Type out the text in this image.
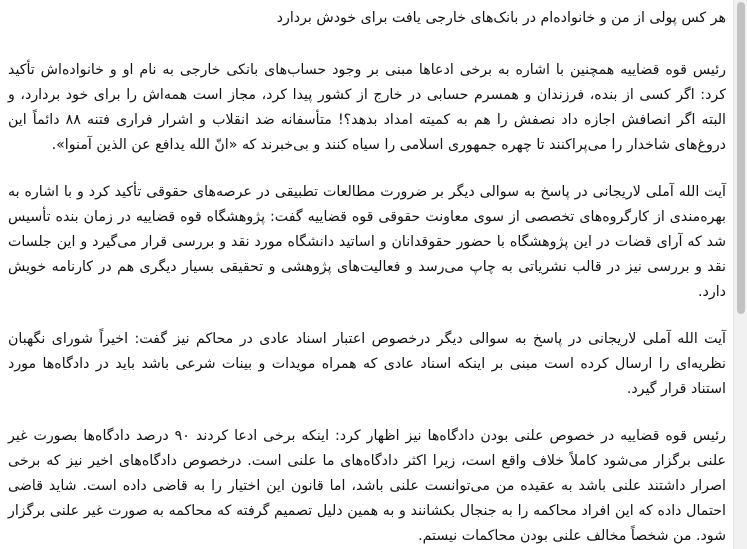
هر کس پولی از من و خانواده‌ام در بانک‌های خارجی یافت برای خودش بردارد

رئیس قوه قضاییه همچنین با اشاره به برخی ادعاها مبنی بر وجود حساب‌های بانکی خارجی به نام او و خانواده‌اش تأکید کرد: اگر کسی از بنده، فرزندان و همسرم حسابی در خارج از کشور پیدا کرد، مجاز است همه‌اش را برای خود بردارد، و البته اگر انصافش اجازه داد نصفش را هم به کمیته امداد بدهد؟! متأسفانه ضد انقلاب و اشرار فراری فتنه ۸۸ دائماً این دروغ‌های شاخدار را می‌پراکنند تا چهره جمهوری اسلامی را سیاه کنند و بی‌خبرند که «انّ الله یدافع عن الذین آمنوا».

آیت الله آملی لاریجانی در پاسخ به سوالی دیگر بر ضرورت مطالعات تطبیقی در عرصه‌های حقوقی تأکید کرد و با اشاره به بهره‌مندی از کارگروه‌های تخصصی از سوی معاونت حقوقی قوه قضاییه گفت: پژوهشگاه قوه قضاییه در زمان بنده تأسیس شد که آرای قضات در این پژوهشگاه با حضور حقوقدانان و اساتید دانشگاه مورد نقد و بررسی قرار می‌گیرد و این جلسات نقد و بررسی نیز در قالب نشریاتی به چاپ می‌رسد و فعالیت‌های پژوهشی و تحقیقی بسیار دیگری هم در کارنامه خویش دارد.

آیت الله آملی لاریجانی در پاسخ به سوالی دیگر درخصوص اعتبار اسناد عادی در محاکم نیز گفت: اخیراً شورای نگهبان نظریه‌ای را ارسال کرده است مبنی بر اینکه اسناد عادی که همراه مویدات و بینات شرعی باشد باید در دادگاه‌ها مورد استناد قرار گیرد.

رئیس قوه قضاییه در خصوص علنی بودن دادگاه‌ها نیز اظهار کرد: اینکه برخی ادعا کردند ۹۰ درصد دادگاه‌ها بصورت غیر علنی برگزار می‌شود کاملاً خلاف واقع است، زیرا اکثر دادگاه‌های ما علنی است. درخصوص دادگاه‌های اخیر نیز که برخی اصرار داشتند علنی باشد به عقیده من می‌توانست علنی باشد، اما قانون این اختیار را به قاضی داده است. شاید قاضی احتمال داده که این افراد محاکمه را به جنجال بکشانند و به همین دلیل تصمیم گرفته که محاکمه به صورت غیر علنی برگزار شود. من شخصاً مخالف علنی بودن محاکمات نیستم.
